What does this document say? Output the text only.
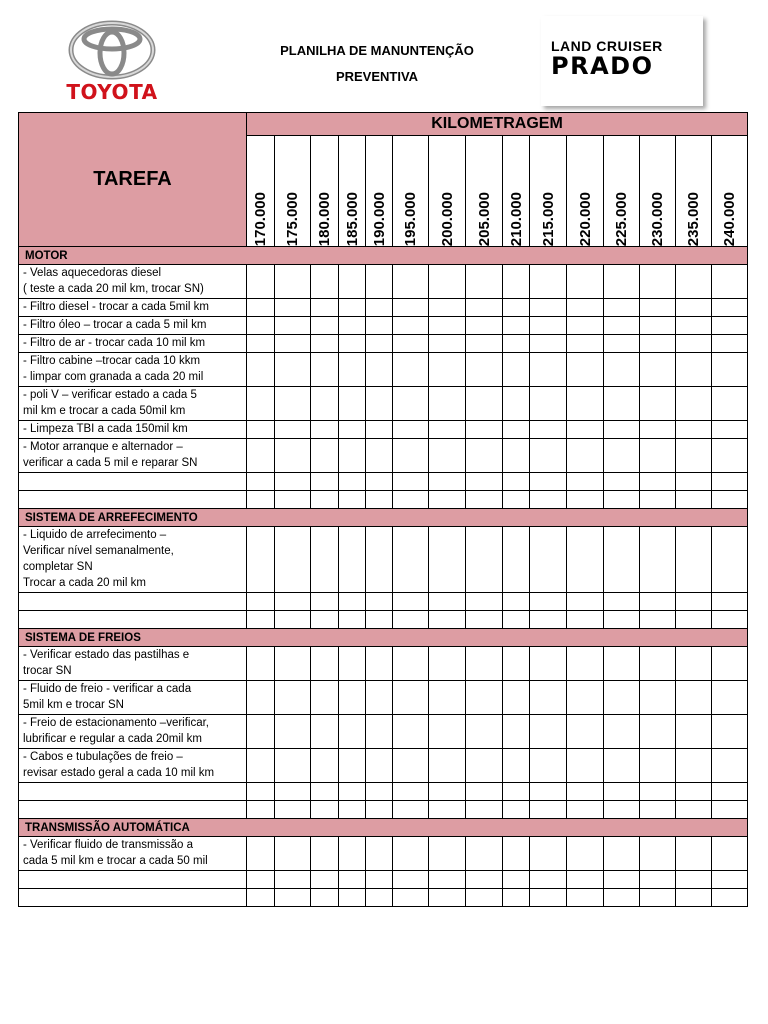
TOYOTA
PLANILHA DE MANUNTENÇÃO
PREVENTIVA
LAND CRUISER
PRADO
TAREFA	KILOMETRAGEM														

	170.000	175.000	180.000	185.000	190.000	195.000	200.000	205.000	210.000	215.000	220.000	225.000	230.000	235.000	240.000

MOTOR															
- Velas aquecedoras diesel
( teste a cada 20 mil km, trocar SN)															
- Filtro diesel - trocar a cada 5mil km															
- Filtro óleo – trocar a cada 5 mil km															
- Filtro de ar - trocar cada 10 mil km															
- Filtro cabine –trocar cada 10 kkm
- limpar com granada a cada 20 mil															
- poli V – verificar estado a cada 5
mil km e trocar a cada 50mil km															
- Limpeza TBI a cada 150mil km															
- Motor arranque e alternador –
verificar a cada 5 mil e reparar SN															

SISTEMA DE ARREFECIMENTO															
- Liquido de arrefecimento –
Verificar nível semanalmente,
completar SN
Trocar a cada 20 mil km															

SISTEMA DE FREIOS															
- Verificar estado das pastilhas e
trocar SN															
- Fluido de freio - verificar a cada
5mil km e trocar SN															
- Freio de estacionamento –verificar,
lubrificar e regular a cada 20mil km															
- Cabos e tubulações de freio –
revisar estado geral a cada 10 mil km															

TRANSMISSÃO AUTOMÁTICA															
- Verificar fluido de transmissão a
cada 5 mil km e trocar a cada 50 mil															
